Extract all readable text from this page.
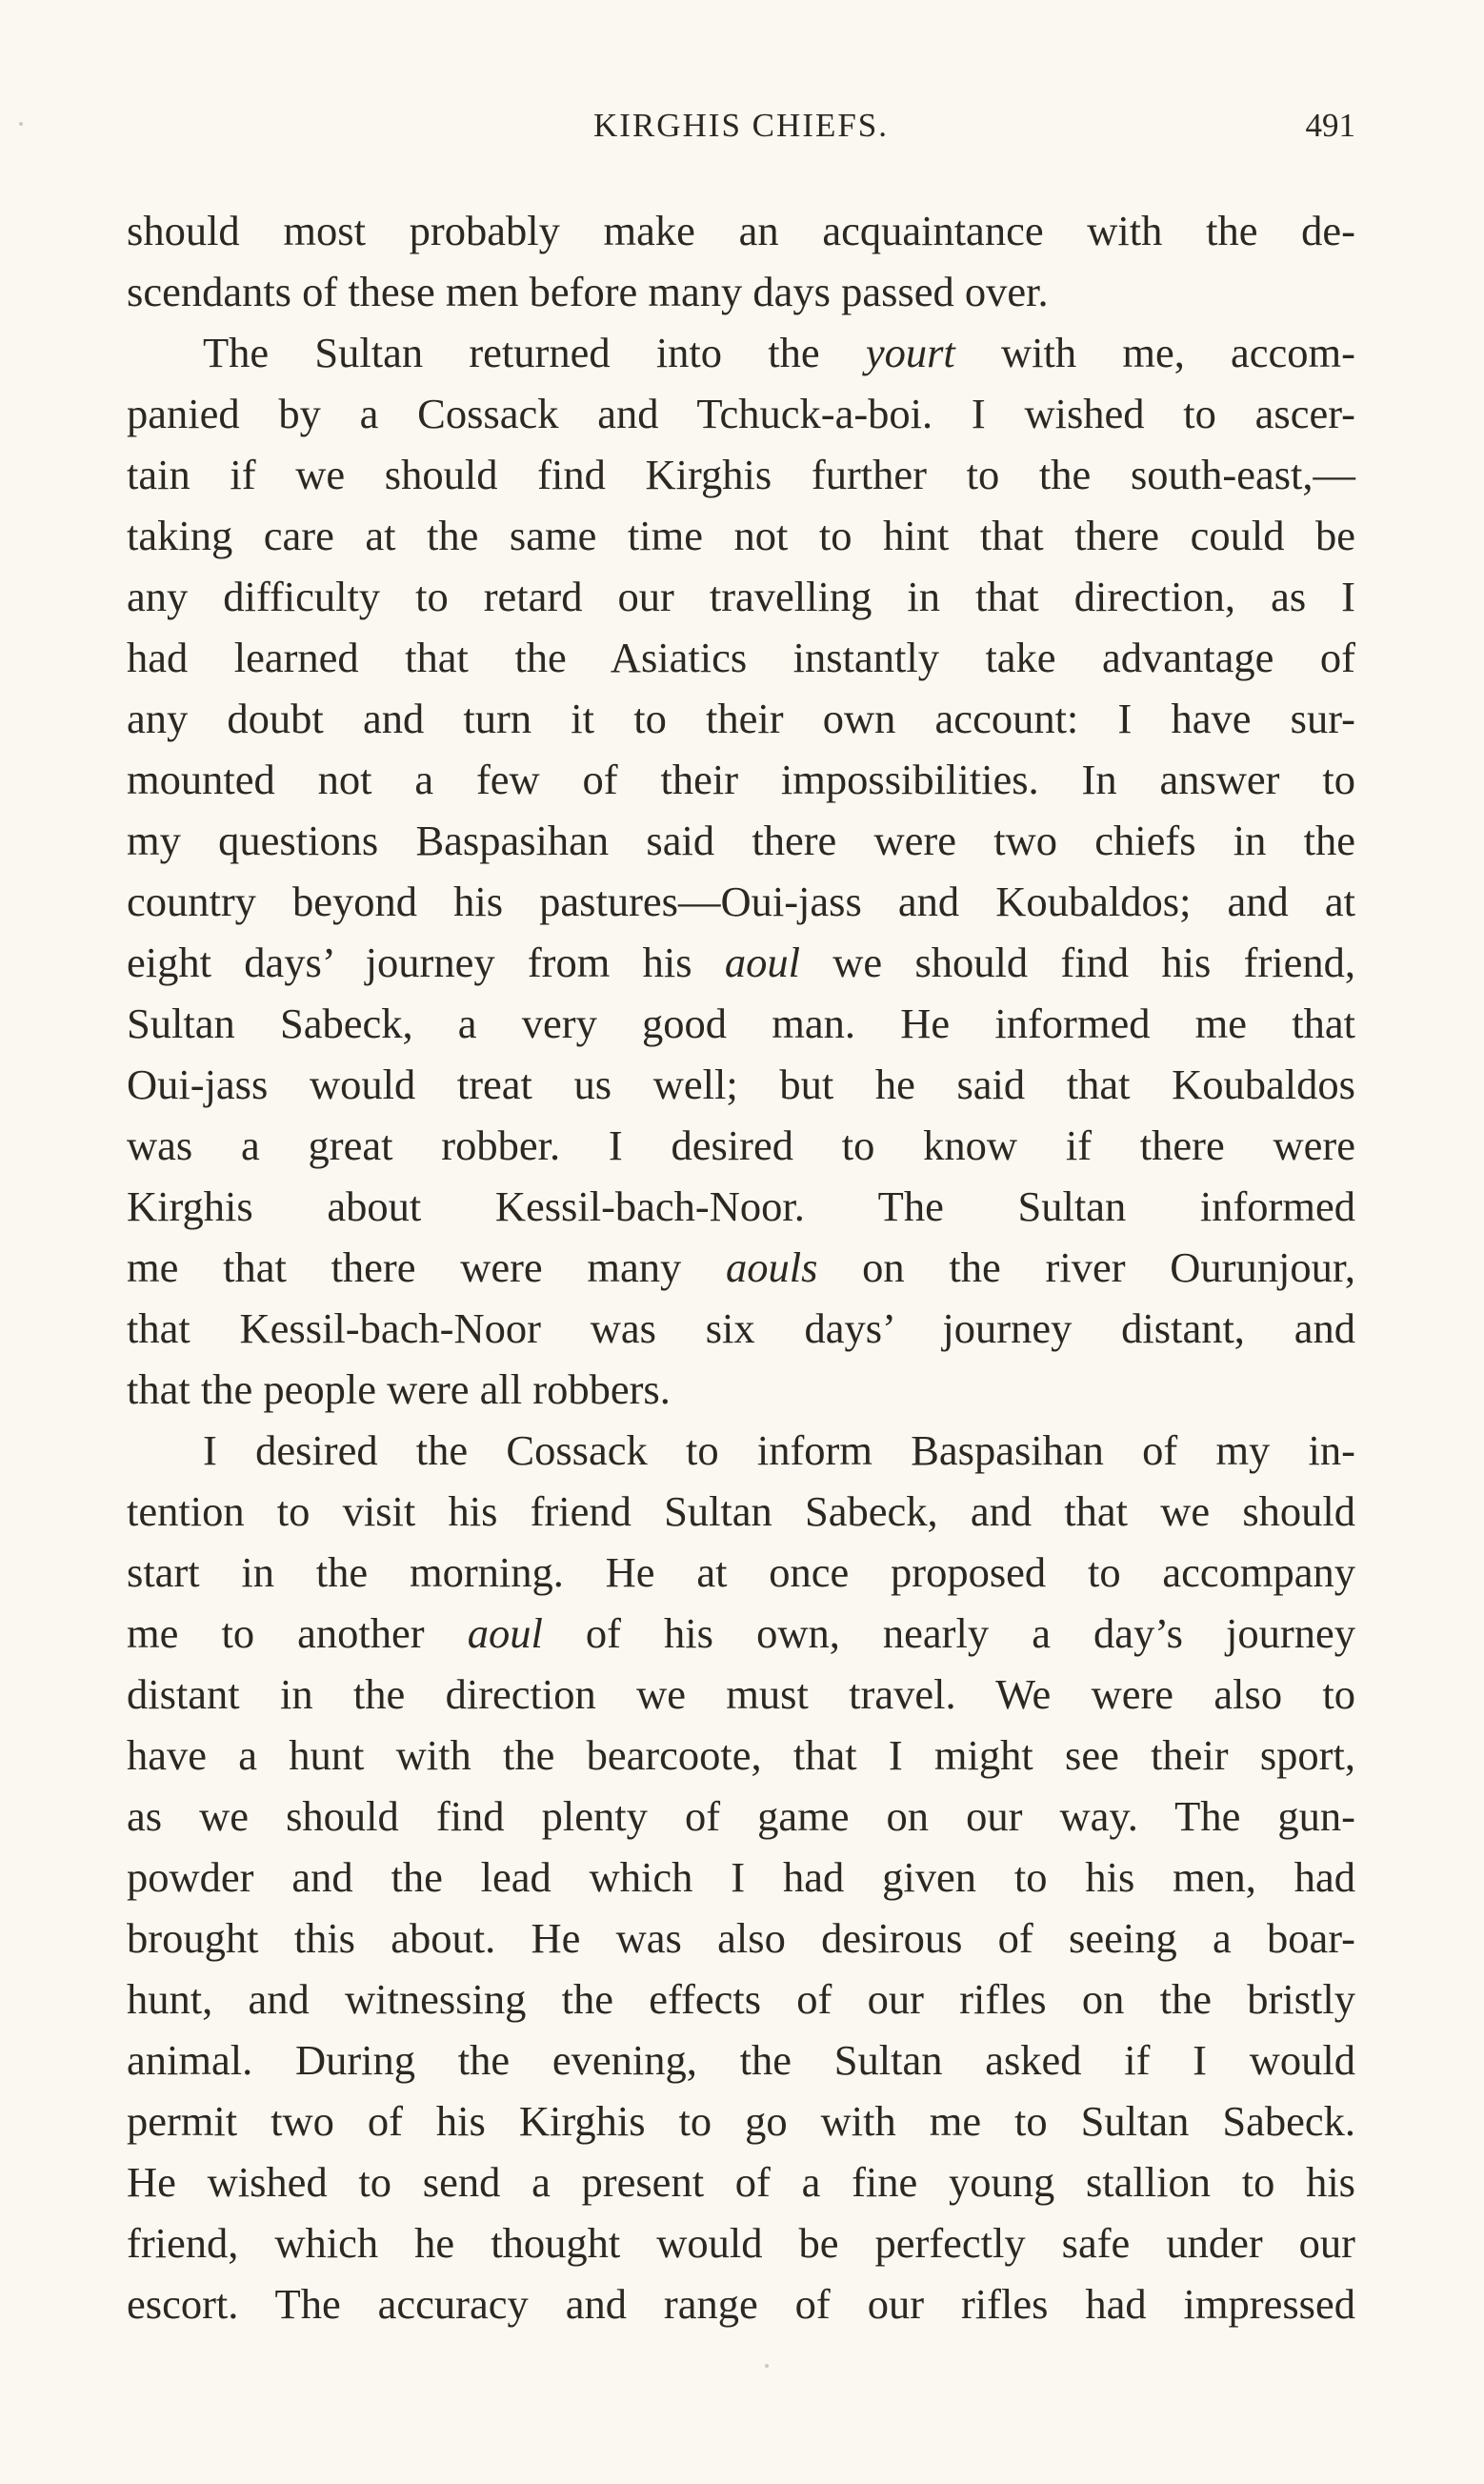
KIRGHIS CHIEFS.	491
should most probably make an acquaintance with the de-
scendants of these men before many days passed over.
The Sultan returned into the yourt with me, accom-
panied by a Cossack and Tchuck-a-boi. I wished to ascer-
tain if we should find Kirghis further to the south-east,—
taking care at the same time not to hint that there could be
any difficulty to retard our travelling in that direction, as I
had learned that the Asiatics instantly take advantage of
any doubt and turn it to their own account: I have sur-
mounted not a few of their impossibilities. In answer to
my questions Baspasihan said there were two chiefs in the
country beyond his pastures—Oui-jass and Koubaldos; and at
eight days’ journey from his aoul we should find his friend,
Sultan Sabeck, a very good man. He informed me that
Oui-jass would treat us well; but he said that Koubaldos
was a great robber. I desired to know if there were
Kirghis about Kessil-bach-Noor. The Sultan informed
me that there were many aouls on the river Ourunjour,
that Kessil-bach-Noor was six days’ journey distant, and
that the people were all robbers.
I desired the Cossack to inform Baspasihan of my in-
tention to visit his friend Sultan Sabeck, and that we should
start in the morning. He at once proposed to accompany
me to another aoul of his own, nearly a day’s journey
distant in the direction we must travel. We were also to
have a hunt with the bearcoote, that I might see their sport,
as we should find plenty of game on our way. The gun-
powder and the lead which I had given to his men, had
brought this about. He was also desirous of seeing a boar-
hunt, and witnessing the effects of our rifles on the bristly
animal. During the evening, the Sultan asked if I would
permit two of his Kirghis to go with me to Sultan Sabeck.
He wished to send a present of a fine young stallion to his
friend, which he thought would be perfectly safe under our
escort. The accuracy and range of our rifles had impressed
